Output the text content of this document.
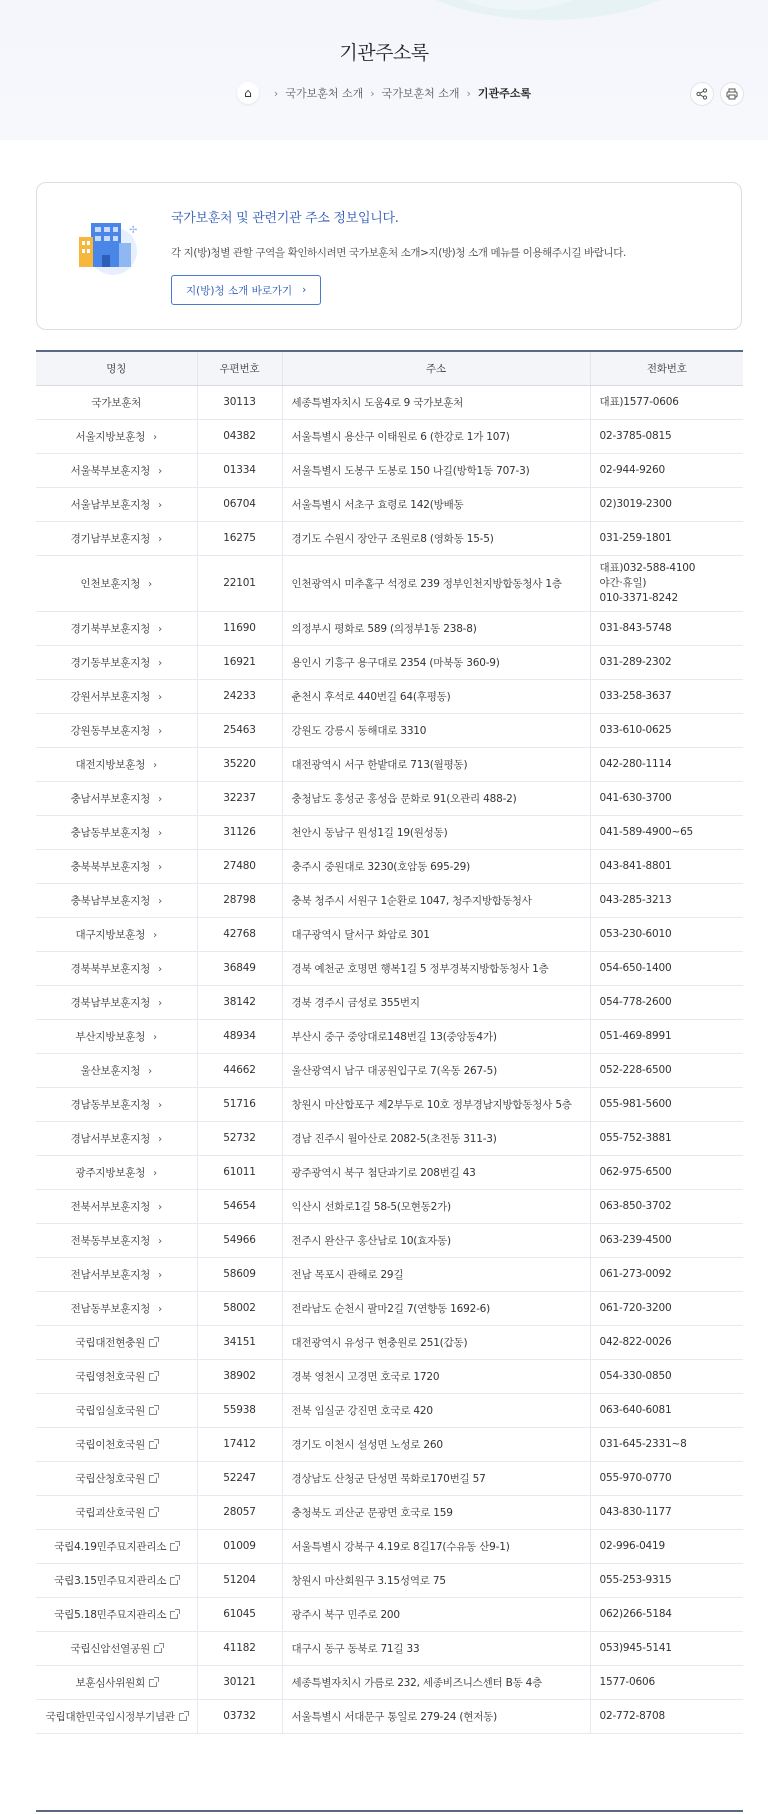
기관주소록
⌂	› 국가보훈처 소개 › 국가보훈처 소개 › 기관주소록
✢
국가보훈처 및 관련기관 주소 정보입니다.
각 지(방)청별 관할 구역을 확인하시려면 국가보훈처 소개>지(방)청 소개 메뉴를 이용해주시길 바랍니다.
지(방)청 소개 바로가기 ›
명칭	우편번호	주소	전화번호
국가보훈처	30113	세종특별자치시 도움4로 9 국가보훈처	대표)1577-0606

서울지방보훈청 ›	04382	서울특별시 용산구 이태원로 6 (한강로 1가 107)	02-3785-0815

서울북부보훈지청 ›	01334	서울특별시 도봉구 도봉로 150 나길(방학1동 707-3)	02-944-9260

서울남부보훈지청 ›	06704	서울특별시 서초구 효령로 142(방배동	02)3019-2300

경기남부보훈지청 ›	16275	경기도 수원시 장안구 조원로8 (영화동 15-5)	031-259-1801

인천보훈지청 ›	22101	인천광역시 미추홀구 석정로 239 정부인천지방합동청사 1층	대표)032-588-4100
야간·휴일)
010-3371-8242

경기북부보훈지청 ›	11690	의정부시 평화로 589 (의정부1동 238-8)	031-843-5748

경기동부보훈지청 ›	16921	용인시 기흥구 용구대로 2354 (마북동 360-9)	031-289-2302

강원서부보훈지청 ›	24233	춘천시 후석로 440번길 64(후평동)	033-258-3637

강원동부보훈지청 ›	25463	강원도 강릉시 동해대로 3310	033-610-0625

대전지방보훈청 ›	35220	대전광역시 서구 한밭대로 713(월평동)	042-280-1114

충남서부보훈지청 ›	32237	충청남도 홍성군 홍성읍 문화로 91(오관리 488-2)	041-630-3700

충남동부보훈지청 ›	31126	천안시 동남구 원성1길 19(원성동)	041-589-4900~65

충북북부보훈지청 ›	27480	충주시 중원대로 3230(호암동 695-29)	043-841-8801

충북남부보훈지청 ›	28798	충북 청주시 서원구 1순환로 1047, 청주지방합동청사	043-285-3213

대구지방보훈청 ›	42768	대구광역시 달서구 화암로 301	053-230-6010

경북북부보훈지청 ›	36849	경북 예천군 호명면 행복1길 5 정부경북지방합동청사 1층	054-650-1400

경북남부보훈지청 ›	38142	경북 경주시 금성로 355번지	054-778-2600

부산지방보훈청 ›	48934	부산시 중구 중앙대로148번길 13(중앙동4가)	051-469-8991

울산보훈지청 ›	44662	울산광역시 남구 대공원입구로 7(옥동 267-5)	052-228-6500

경남동부보훈지청 ›	51716	창원시 마산합포구 제2부두로 10호 정부경남지방합동청사 5층	055-981-5600

경남서부보훈지청 ›	52732	경남 진주시 월아산로 2082-5(초전동 311-3)	055-752-3881

광주지방보훈청 ›	61011	광주광역시 북구 첨단과기로 208번길 43	062-975-6500

전북서부보훈지청 ›	54654	익산시 선화로1길 58-5(모현동2가)	063-850-3702

전북동부보훈지청 ›	54966	전주시 완산구 홍산남로 10(효자동)	063-239-4500

전남서부보훈지청 ›	58609	전남 목포시 관해로 29길	061-273-0092

전남동부보훈지청 ›	58002	전라남도 순천시 팔마2길 7(연향동 1692-6)	061-720-3200

국립대전현충원	34151	대전광역시 유성구 현충원로 251(갑동)	042-822-0026

국립영천호국원	38902	경북 영천시 고경면 호국로 1720	054-330-0850

국립임실호국원	55938	전북 임실군 강진면 호국로 420	063-640-6081

국립이천호국원	17412	경기도 이천시 설성면 노성로 260	031-645-2331~8

국립산청호국원	52247	경상남도 산청군 단성면 묵화로170번길 57	055-970-0770

국립괴산호국원	28057	충청북도 괴산군 문광면 호국로 159	043-830-1177

국립4.19민주묘지관리소	01009	서울특별시 강북구 4.19로 8길17(수유동 산9-1)	02-996-0419

국립3.15민주묘지관리소	51204	창원시 마산회원구 3.15성역로 75	055-253-9315

국립5.18민주묘지관리소	61045	광주시 북구 민주로 200	062)266-5184

국립신암선열공원	41182	대구시 동구 동북로 71길 33	053)945-5141

보훈심사위원회	30121	세종특별자치시 가름로 232, 세종비즈니스센터 B동 4층	1577-0606

국립대한민국임시정부기념관	03732	서울특별시 서대문구 통일로 279-24 (현저동)	02-772-8708
